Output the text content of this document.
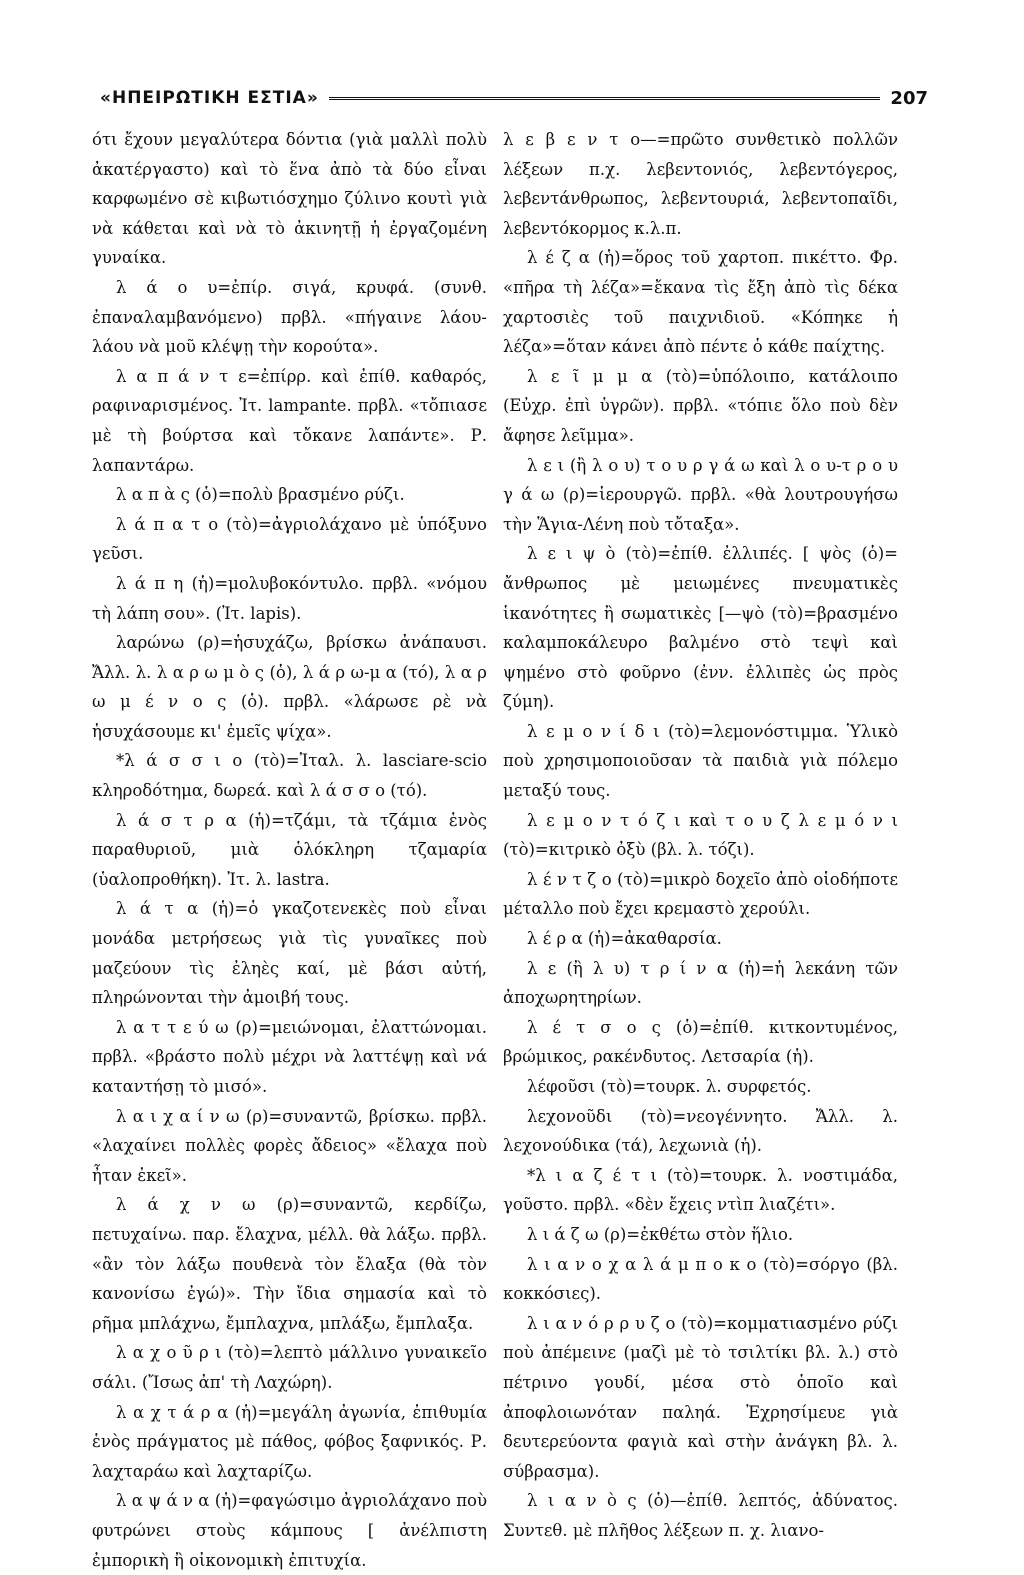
«ΗΠΕΙΡΩΤΙΚΗ ΕΣΤΙΑ»	207

ότι ἔχουν μεγαλύτερα δόντια (γιὰ μαλλὶ πολὺ ἀκατέργαστο) καὶ τὸ ἕνα ἀπὸ τὰ δύο εἶναι καρφωμένο σὲ κιβωτιόσχημο ζύλινο κουτὶ γιὰ νὰ κάθεται καὶ νὰ τὸ ἀκινητῇ ἡ ἐργαζομένη γυναίκα.

λ ά ο υ=ἐπίρ. σιγά, κρυφά. (συνθ. ἐπαναλαμβανόμενο) πρβλ. «πήγαινε λάου-λάου νὰ μοῦ κλέψῃ τὴν κορούτα».

λ α π ά ν τ ε=ἐπίρρ. καὶ ἐπίθ. καθαρός, ραφιναρισμένος. Ἰτ. lampante. πρβλ. «τὄπιασε μὲ τὴ βούρτσα καὶ τὄκανε λαπάντε». Ρ. λαπαντάρω.

λ α π ὰ ς (ὁ)=πολὺ βρασμένο ρύζι.

λ ά π α τ ο (τὸ)=ἀγριολάχανο μὲ ὑπόξυνο γεῦσι.

λ ά π η (ἡ)=μολυβοκόντυλο. πρβλ. «νόμου τὴ λάπη σου». (Ἰτ. lapis).

λαρώνω (ρ)=ἡσυχάζω, βρίσκω ἀνάπαυσι. Ἄλλ. λ. λ α ρ ω μ ὸ ς (ὁ), λ ά ρ ω-μ α (τό), λ α ρ ω μ έ ν ο ς (ὁ). πρβλ. «λάρωσε ρὲ νὰ ἡσυχάσουμε κι' ἐμεῖς ψίχα».

*λ ά σ σ ι ο (τὸ)=Ἰταλ. λ. lasciare-scio κληροδότημα, δωρεά. καὶ λ ά σ σ ο (τό).

λ ά σ τ ρ α (ἡ)=τζάμι, τὰ τζάμια ἑνὸς παραθυριοῦ, μιὰ ὁλόκληρη τζαμαρία (ὑαλοπροθήκη). Ἰτ. λ. lastra.

λ ά τ α (ἡ)=ὁ γκαζοτενεκὲς ποὺ εἶναι μονάδα μετρήσεως γιὰ τὶς γυναῖκες ποὺ μαζεύουν τὶς ἐληὲς καί, μὲ βάσι αὐτή, πληρώνονται τὴν ἀμοιβή τους.

λ α τ τ ε ύ ω (ρ)=μειώνομαι, ἐλαττώνομαι. πρβλ. «βράστο πολὺ μέχρι νὰ λαττέψῃ καὶ νά καταντήσῃ τὸ μισό».

λ α ι χ α ί ν ω (ρ)=συναντῶ, βρίσκω. πρβλ. «λαχαίνει πολλὲς φορὲς ἄδειος» «ἔλαχα ποὺ ἦταν ἐκεῖ».

λ ά χ ν ω (ρ)=συναντῶ, κερδίζω, πετυχαίνω. παρ. ἔλαχνα, μέλλ. θὰ λάξω. πρβλ. «ἂν τὸν λάξω πουθενὰ τὸν ἔλαξα (θὰ τὸν κανονίσω ἐγώ)». Τὴν ἴδια σημασία καὶ τὸ ρῆμα μπλάχνω, ἔμπλαχνα, μπλάξω, ἔμπλαξα.

λ α χ ο ῦ ρ ι (τὸ)=λεπτὸ μάλλινο γυναικεῖο σάλι. (Ἴσως ἀπ' τὴ Λαχώρη).

λ α χ τ ά ρ α (ἡ)=μεγάλη ἀγωνία, ἐπιθυμία ἑνὸς πράγματος μὲ πάθος, φόβος ξαφνικός. Ρ. λαχταράω καὶ λαχταρίζω.

λ α ψ ά ν α (ἡ)=φαγώσιμο ἀγριολάχανο ποὺ φυτρώνει στοὺς κάμπους [ ἀνέλπιστη ἐμπορικὴ ἢ οἰκονομικὴ ἐπιτυχία.

λ ε β ε ν τ ο—=πρῶτο συνθετικὸ πολλῶν λέξεων π.χ. λεβεντονιός, λεβεντόγερος, λεβεντάνθρωπος, λεβεντουριά, λεβεντοπαῖδι, λεβεντόκορμος κ.λ.π.

λ έ ζ α (ἡ)=ὅρος τοῦ χαρτοπ. πικέττο. Φρ. «πῆρα τὴ λέζα»=ἔκανα τὶς ἔξη ἀπὸ τὶς δέκα χαρτοσιὲς τοῦ παιχνιδιοῦ. «Κόπηκε ἡ λέζα»=ὅταν κάνει ἀπὸ πέντε ὁ κάθε παίχτης.

λ ε ῖ μ μ α (τὸ)=ὑπόλοιπο, κατάλοιπο (Εὐχρ. ἐπὶ ὑγρῶν). πρβλ. «τόπιε ὅλο ποὺ δὲν ἄφησε λεῖμμα».

λ ε ι (ἢ λ ο υ) τ ο υ ρ γ ά ω καὶ λ ο υ-τ ρ ο υ γ ά ω (ρ)=ἱερουργῶ. πρβλ. «θὰ λουτρουγήσω τὴν Ἅγια-Λένη ποὺ τὄταξα».

λ ε ι ψ ὸ (τὸ)=ἐπίθ. ἐλλιπές. [ ψὸς (ὁ)= ἄνθρωπος μὲ μειωμένες πνευματικὲς ἱκανότητες ἢ σωματικὲς [—ψὸ (τὸ)=βρασμένο καλαμποκάλευρο βαλμένο στὸ τεψὶ καὶ ψημένο στὸ φοῦρνο (ἐνν. ἐλλιπὲς ὡς πρὸς ζύμη).

λ ε μ ο ν ί δ ι (τὸ)=λεμονόστιμμα. Ὑλικὸ ποὺ χρησιμοποιοῦσαν τὰ παιδιὰ γιὰ πόλεμο μεταξύ τους.

λ ε μ ο ν τ ό ζ ι καὶ τ ο υ ζ λ ε μ ό ν ι (τὸ)=κιτρικὸ ὀξὺ (βλ. λ. τόζι).

λ έ ν τ ζ ο (τὸ)=μικρὸ δοχεῖο ἀπὸ οἱοδήποτε μέταλλο ποὺ ἔχει κρεμαστὸ χερούλι.

λ έ ρ α (ἡ)=ἀκαθαρσία.

λ ε (ἢ λ υ) τ ρ ί ν α (ἡ)=ἡ λεκάνη τῶν ἀποχωρητηρίων.

λ έ τ σ ο ς (ὁ)=ἐπίθ. κιτκοντυμένος, βρώμικος, ρακένδυτος. Λετσαρία (ἡ).

λέφοῦσι (τὸ)=τουρκ. λ. συρφετός.

λεχονοῦδι (τὸ)=νεογέννητο. Ἄλλ. λ. λεχονούδικα (τά), λεχωνιὰ (ἡ).

*λ ι α ζ έ τ ι (τὸ)=τουρκ. λ. νοστιμάδα, γοῦστο. πρβλ. «δὲν ἔχεις ντὶπ λιαζέτι».

λ ι ά ζ ω (ρ)=ἐκθέτω στὸν ἥλιο.

λ ι α ν ο χ α λ ά μ π ο κ ο (τὸ)=σόργο (βλ. κοκκόσιες).

λ ι α ν ό ρ ρ υ ζ ο (τὸ)=κομματιασμένο ρύζι ποὺ ἀπέμεινε (μαζὶ μὲ τὸ τσιλτίκι βλ. λ.) στὸ πέτρινο γουδί, μέσα στὸ ὁποῖο καὶ ἀποφλοιωνόταν παληά. Ἐχρησίμευε γιὰ δευτερεύοντα φαγιὰ καὶ στὴν ἀνάγκη βλ. λ. σύβρασμα).

λ ι α ν ὸ ς (ὁ)—ἐπίθ. λεπτός, ἀδύνατος. Συντεθ. μὲ πλῆθος λέξεων π. χ. λιανο-
